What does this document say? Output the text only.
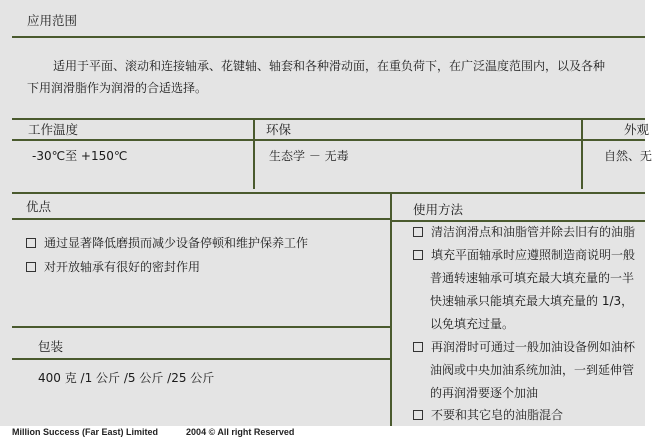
应用范围
适用于平面、滚动和连接轴承、花键轴、轴套和各种滑动面，在重负荷下，在广泛温度范围内，以及各种
下用润滑脂作为润滑的合适选择。
工作温度	环保	外观
-30℃至 +150℃	生态学 － 无毒	自然、无
优点
通过显著降低磨损而减少设备停顿和维护保养工作
对开放轴承有很好的密封作用
包装
400 克 /1 公斤 /5 公斤 /25 公斤
使用方法
清洁润滑点和油脂管并除去旧有的油脂
填充平面轴承时应遵照制造商说明一般
普通转速轴承可填充最大填充量的一半
快速轴承只能填充最大填充量的 1/3，
以免填充过量。
再润滑时可通过一般加油设备例如油杯
油阀或中央加油系统加油，一到延伸管
的再润滑要逐个加油
不要和其它皂的油脂混合
Million Success (Far East) Limited	2004 © All right Reserved
